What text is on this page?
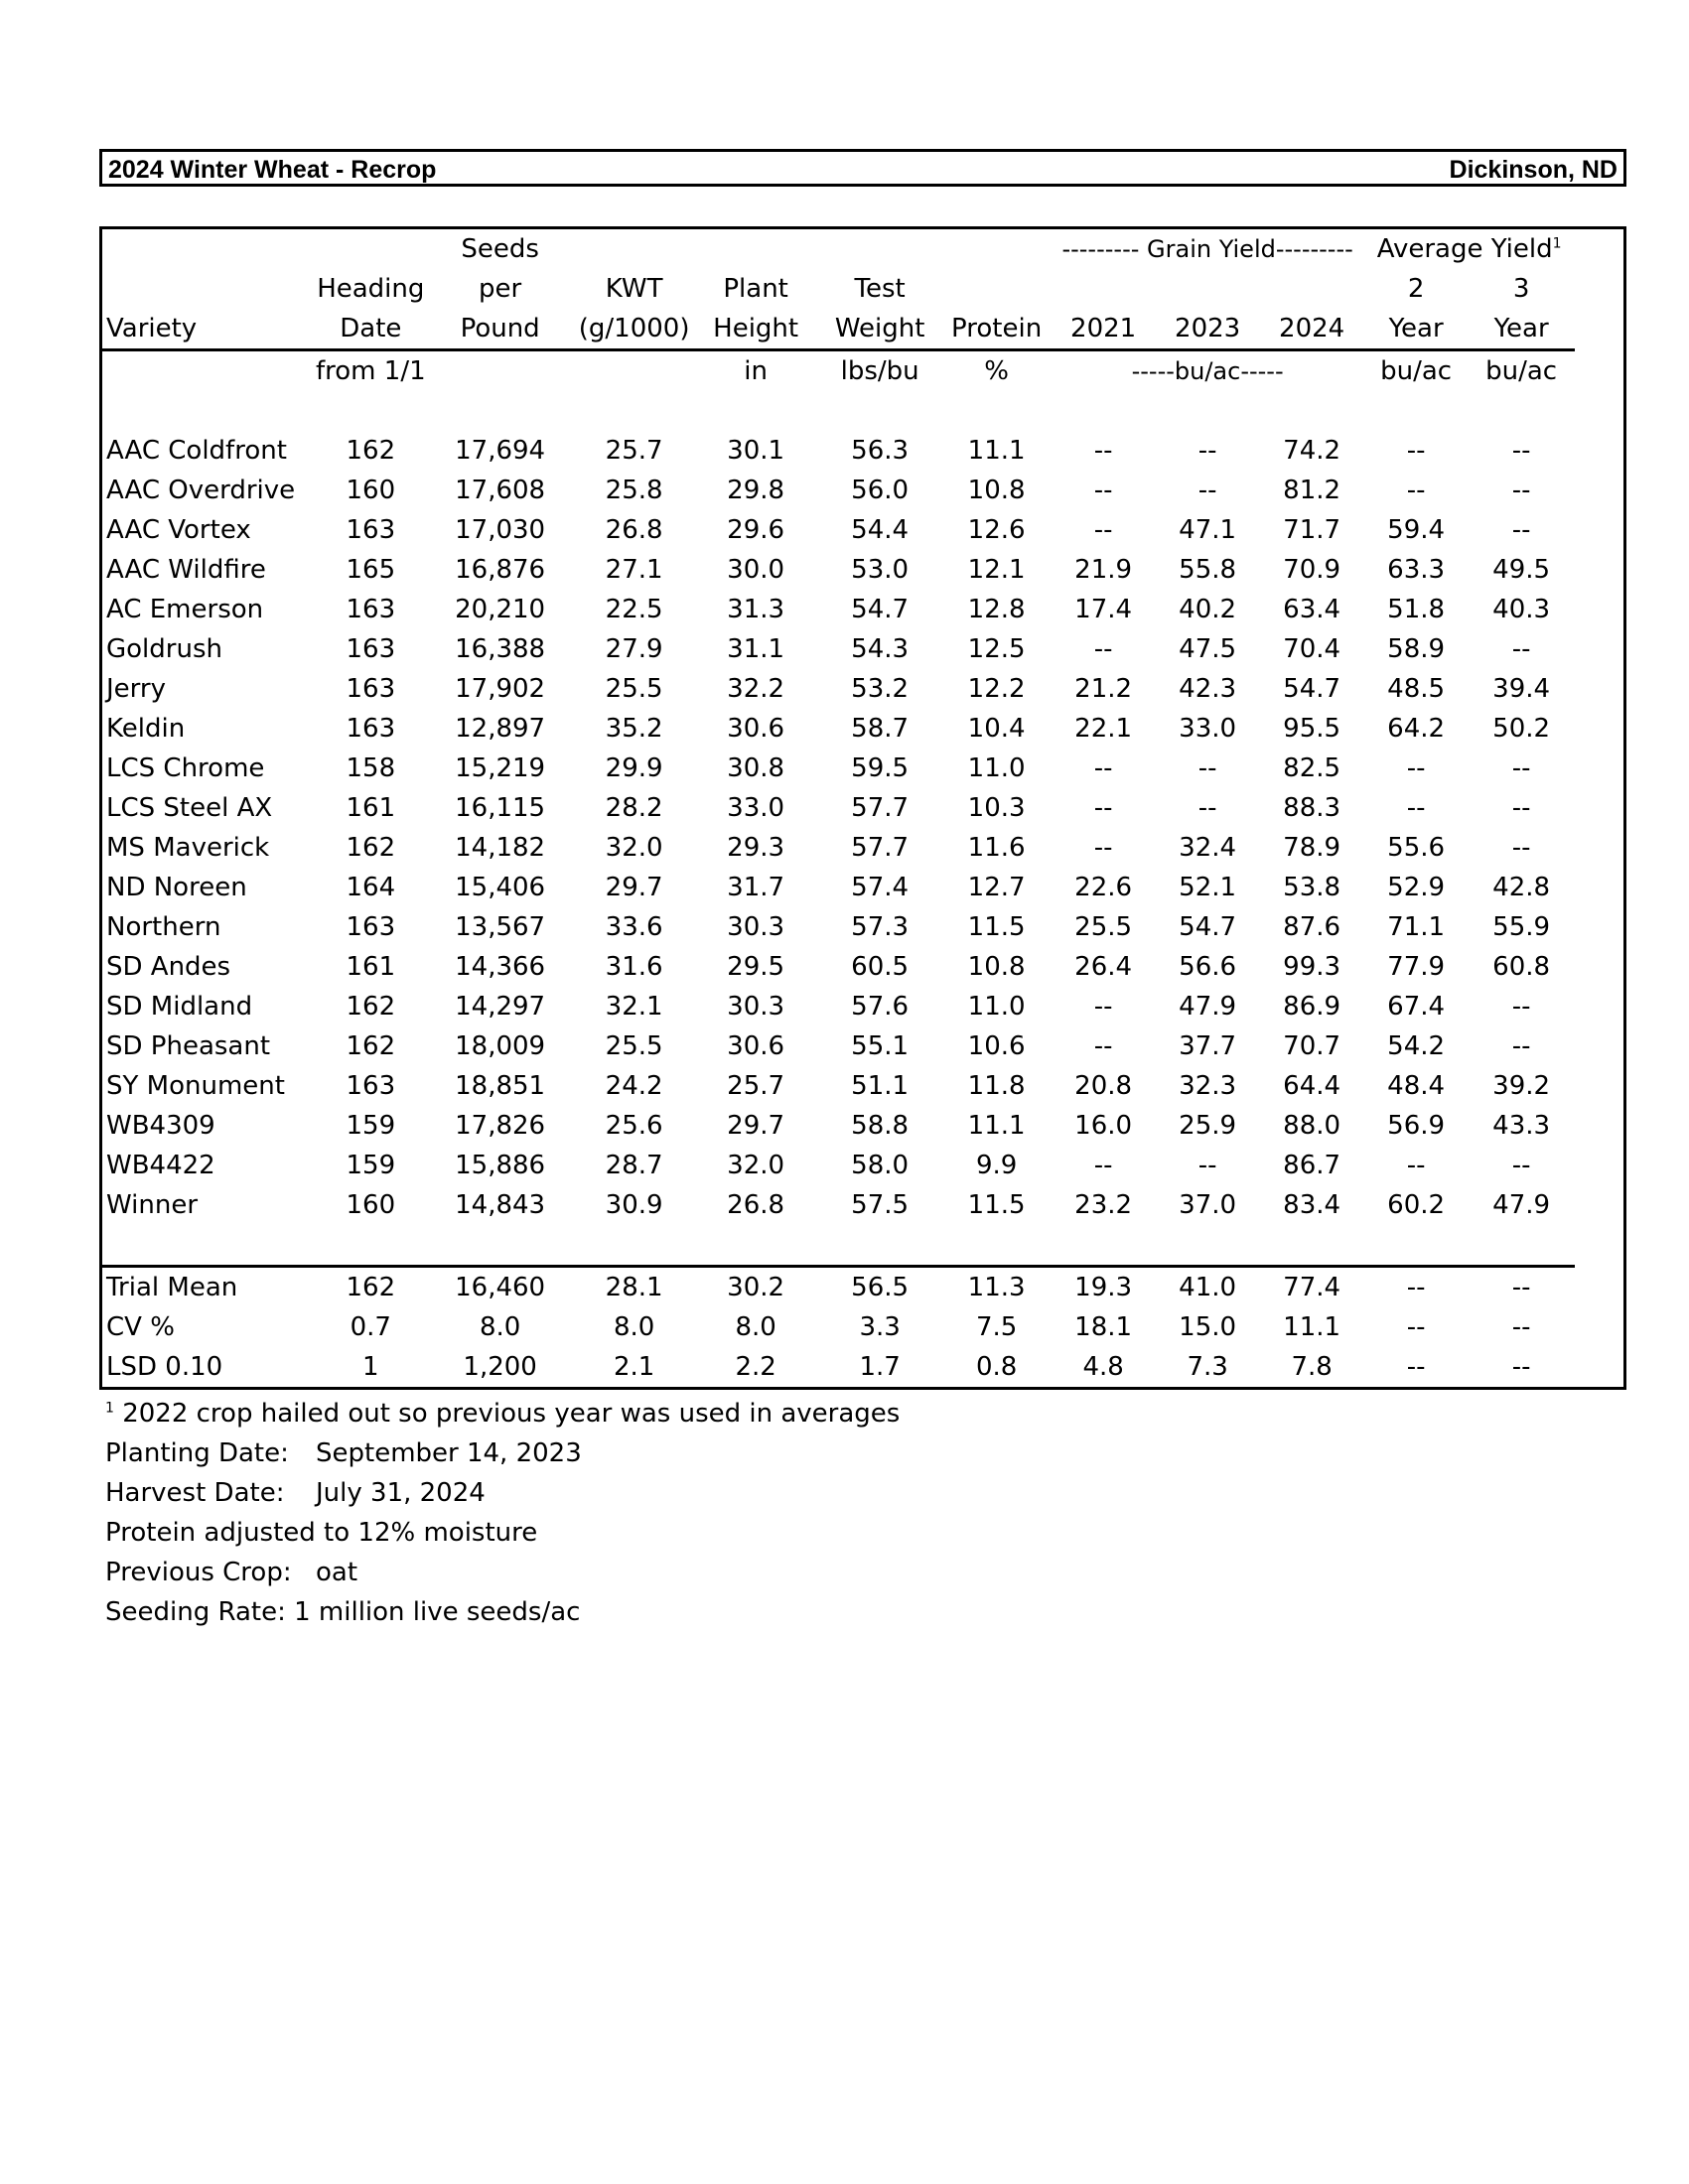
2024 Winter Wheat - Recrop	Dickinson, ND
		Seeds					--------- Grain Yield---------			Average Yield$^1$
	Heading	per	KWT	Plant	Test					2	3
Variety	Date	Pound	(g/1000)	Height	Weight	Protein	2021	2023	2024	Year	Year
	from 1/1			in	lbs/bu	%	-----bu/ac-----			bu/ac	bu/ac

AAC Coldfront	162	17,694	25.7	30.1	56.3	11.1	--	--	74.2	--	--
AAC Overdrive	160	17,608	25.8	29.8	56.0	10.8	--	--	81.2	--	--
AAC Vortex	163	17,030	26.8	29.6	54.4	12.6	--	47.1	71.7	59.4	--
AAC Wildfire	165	16,876	27.1	30.0	53.0	12.1	21.9	55.8	70.9	63.3	49.5
AC Emerson	163	20,210	22.5	31.3	54.7	12.8	17.4	40.2	63.4	51.8	40.3
Goldrush	163	16,388	27.9	31.1	54.3	12.5	--	47.5	70.4	58.9	--
Jerry	163	17,902	25.5	32.2	53.2	12.2	21.2	42.3	54.7	48.5	39.4
Keldin	163	12,897	35.2	30.6	58.7	10.4	22.1	33.0	95.5	64.2	50.2
LCS Chrome	158	15,219	29.9	30.8	59.5	11.0	--	--	82.5	--	--
LCS Steel AX	161	16,115	28.2	33.0	57.7	10.3	--	--	88.3	--	--
MS Maverick	162	14,182	32.0	29.3	57.7	11.6	--	32.4	78.9	55.6	--
ND Noreen	164	15,406	29.7	31.7	57.4	12.7	22.6	52.1	53.8	52.9	42.8
Northern	163	13,567	33.6	30.3	57.3	11.5	25.5	54.7	87.6	71.1	55.9
SD Andes	161	14,366	31.6	29.5	60.5	10.8	26.4	56.6	99.3	77.9	60.8
SD Midland	162	14,297	32.1	30.3	57.6	11.0	--	47.9	86.9	67.4	--
SD Pheasant	162	18,009	25.5	30.6	55.1	10.6	--	37.7	70.7	54.2	--
SY Monument	163	18,851	24.2	25.7	51.1	11.8	20.8	32.3	64.4	48.4	39.2
WB4309	159	17,826	25.6	29.7	58.8	11.1	16.0	25.9	88.0	56.9	43.3
WB4422	159	15,886	28.7	32.0	58.0	9.9	--	--	86.7	--	--
Winner	160	14,843	30.9	26.8	57.5	11.5	23.2	37.0	83.4	60.2	47.9

Trial Mean	162	16,460	28.1	30.2	56.5	11.3	19.3	41.0	77.4	--	--
CV %	0.7	8.0	8.0	8.0	3.3	7.5	18.1	15.0	11.1	--	--
LSD 0.10	1	1,200	2.1	2.2	1.7	0.8	4.8	7.3	7.8	--	--
$^1$ 2022 crop hailed out so previous year was used in averages
Planting Date: September 14, 2023
Harvest Date: July 31, 2024
Protein adjusted to 12% moisture
Previous Crop: oat
Seeding Rate: 1 million live seeds/ac
